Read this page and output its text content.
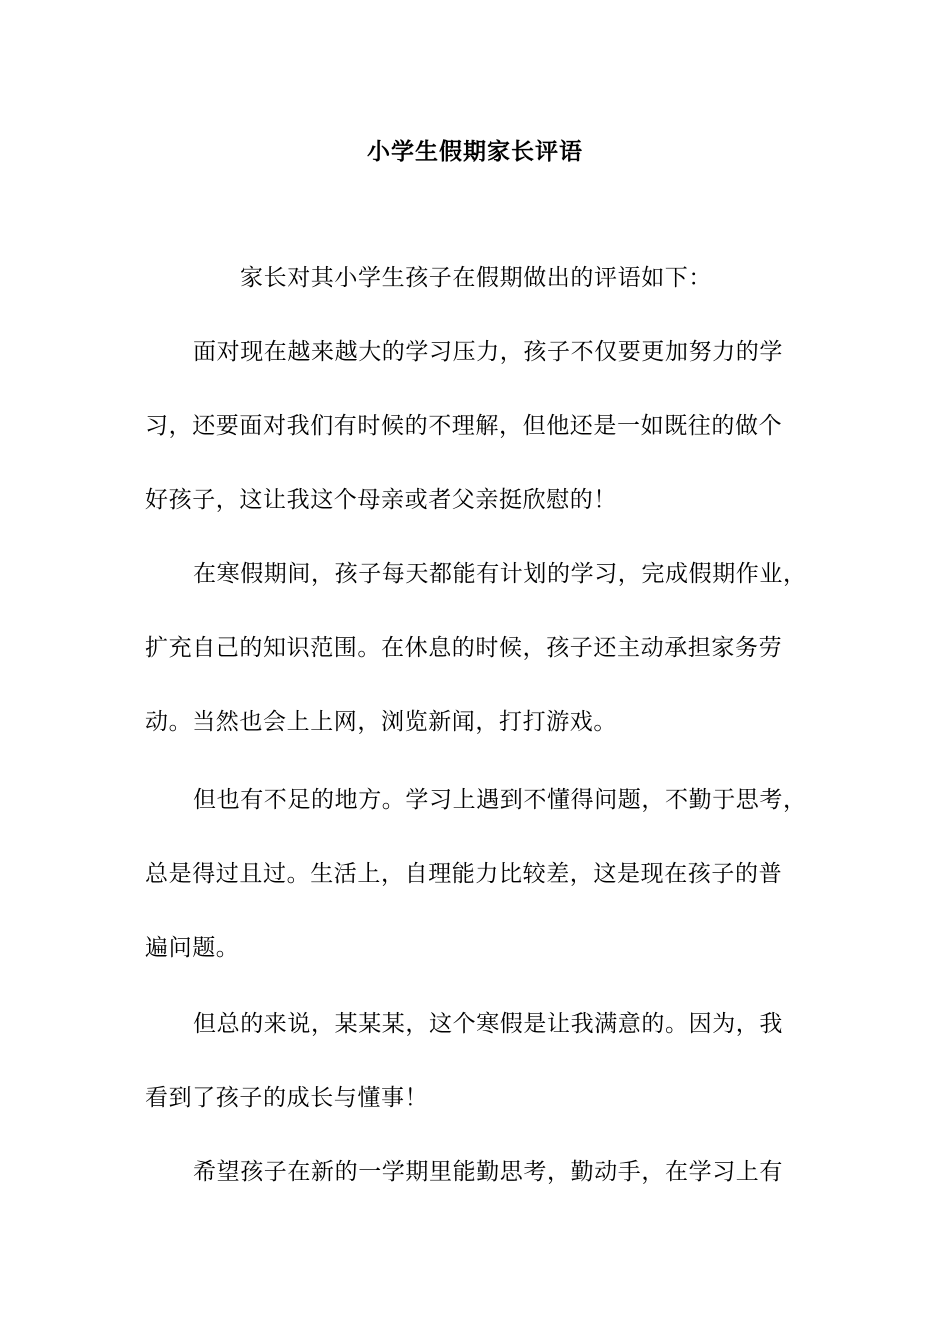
小学生假期家长评语
家长对其小学生孩子在假期做出的评语如下：
面对现在越来越大的学习压力，孩子不仅要更加努力的学
习，还要面对我们有时候的不理解，但他还是一如既往的做个
好孩子，这让我这个母亲或者父亲挺欣慰的！
在寒假期间，孩子每天都能有计划的学习，完成假期作业，
扩充自己的知识范围。在休息的时候，孩子还主动承担家务劳
动。当然也会上上网，浏览新闻，打打游戏。
但也有不足的地方。学习上遇到不懂得问题，不勤于思考，
总是得过且过。生活上，自理能力比较差，这是现在孩子的普
遍问题。
但总的来说，某某某，这个寒假是让我满意的。因为，我
看到了孩子的成长与懂事！
希望孩子在新的一学期里能勤思考，勤动手，在学习上有
